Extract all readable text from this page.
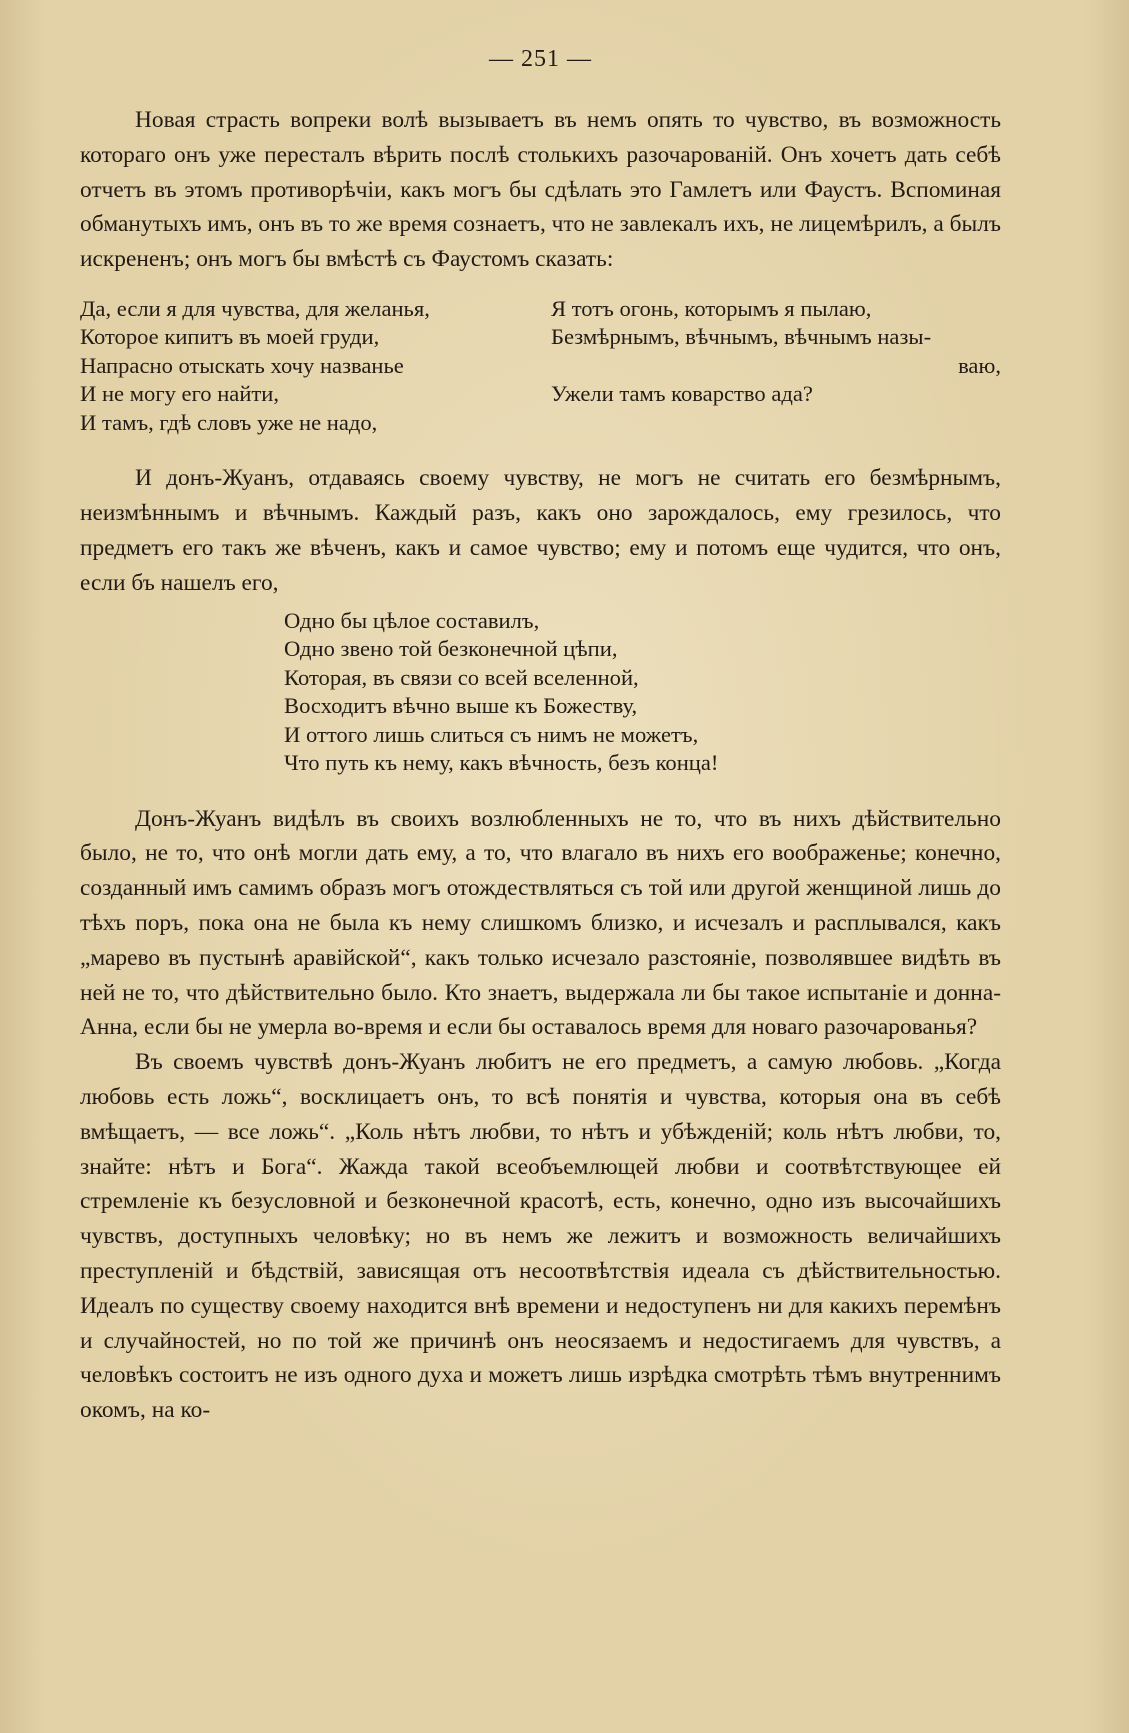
— 251 —

Новая страсть вопреки волѣ вызываетъ въ немъ опять то чувство, въ возможность котораго онъ уже пересталъ вѣрить послѣ столькихъ разочарованій. Онъ хочетъ дать себѣ отчетъ въ этомъ противорѣчіи, какъ могъ бы сдѣлать это Гамлетъ или Фаустъ. Вспоминая обманутыхъ имъ, онъ въ то же время сознаетъ, что не завлекалъ ихъ, не лицемѣрилъ, а былъ искрененъ; онъ могъ бы вмѣстѣ съ Фаустомъ сказать:

Да, если я для чувства, для желанья,
Которое кипитъ въ моей груди,
Напрасно отыскать хочу названье
И не могу его найти,
И тамъ, гдѣ словъ уже не надо,
Я тотъ огонь, которымъ я пылаю,
Безмѣрнымъ, вѣчнымъ, вѣчнымъ назы-
ваю,
Ужели тамъ коварство ада?

И донъ-Жуанъ, отдаваясь своему чувству, не могъ не считать его безмѣрнымъ, неизмѣннымъ и вѣчнымъ. Каждый разъ, какъ оно зарождалось, ему грезилось, что предметъ его такъ же вѣченъ, какъ и самое чувство; ему и потомъ еще чудится, что онъ, если бъ нашелъ его,

Одно бы цѣлое составилъ,
Одно звено той безконечной цѣпи,
Которая, въ связи со всей вселенной,
Восходитъ вѣчно выше къ Божеству,
И оттого лишь слиться съ нимъ не можетъ,
Что путь къ нему, какъ вѣчность, безъ конца!

Донъ-Жуанъ видѣлъ въ своихъ возлюбленныхъ не то, что въ нихъ дѣйствительно было, не то, что онѣ могли дать ему, а то, что влагало въ нихъ его воображенье; конечно, созданный имъ самимъ образъ могъ отождествляться съ той или другой женщиной лишь до тѣхъ поръ, пока она не была къ нему слишкомъ близко, и исчезалъ и расплывался, какъ „марево въ пустынѣ аравійской“, какъ только исчезало разстояніе, позволявшее видѣть въ ней не то, что дѣйствительно было. Кто знаетъ, выдержала ли бы такое испытаніе и донна-Анна, если бы не умерла во-время и если бы оставалось время для новаго разочарованья?

Въ своемъ чувствѣ донъ-Жуанъ любитъ не его предметъ, а самую любовь. „Когда любовь есть ложь“, восклицаетъ онъ, то всѣ понятія и чувства, которыя она въ себѣ вмѣщаетъ, — все ложь“. „Коль нѣтъ любви, то нѣтъ и убѣжденій; коль нѣтъ любви, то, знайте: нѣтъ и Бога“. Жажда такой всеобъемлющей любви и соотвѣтствующее ей стремленіе къ безусловной и безконечной красотѣ, есть, конечно, одно изъ высочайшихъ чувствъ, доступныхъ человѣку; но въ немъ же лежитъ и возможность величайшихъ преступленій и бѣдствій, зависящая отъ несоотвѣтствія идеала съ дѣйствительностью. Идеалъ по существу своему находится внѣ времени и недоступенъ ни для какихъ перемѣнъ и случайностей, но по той же причинѣ онъ неосязаемъ и недостигаемъ для чувствъ, а человѣкъ состоитъ не изъ одного духа и можетъ лишь изрѣдка смотрѣть тѣмъ внутреннимъ окомъ, на ко-
